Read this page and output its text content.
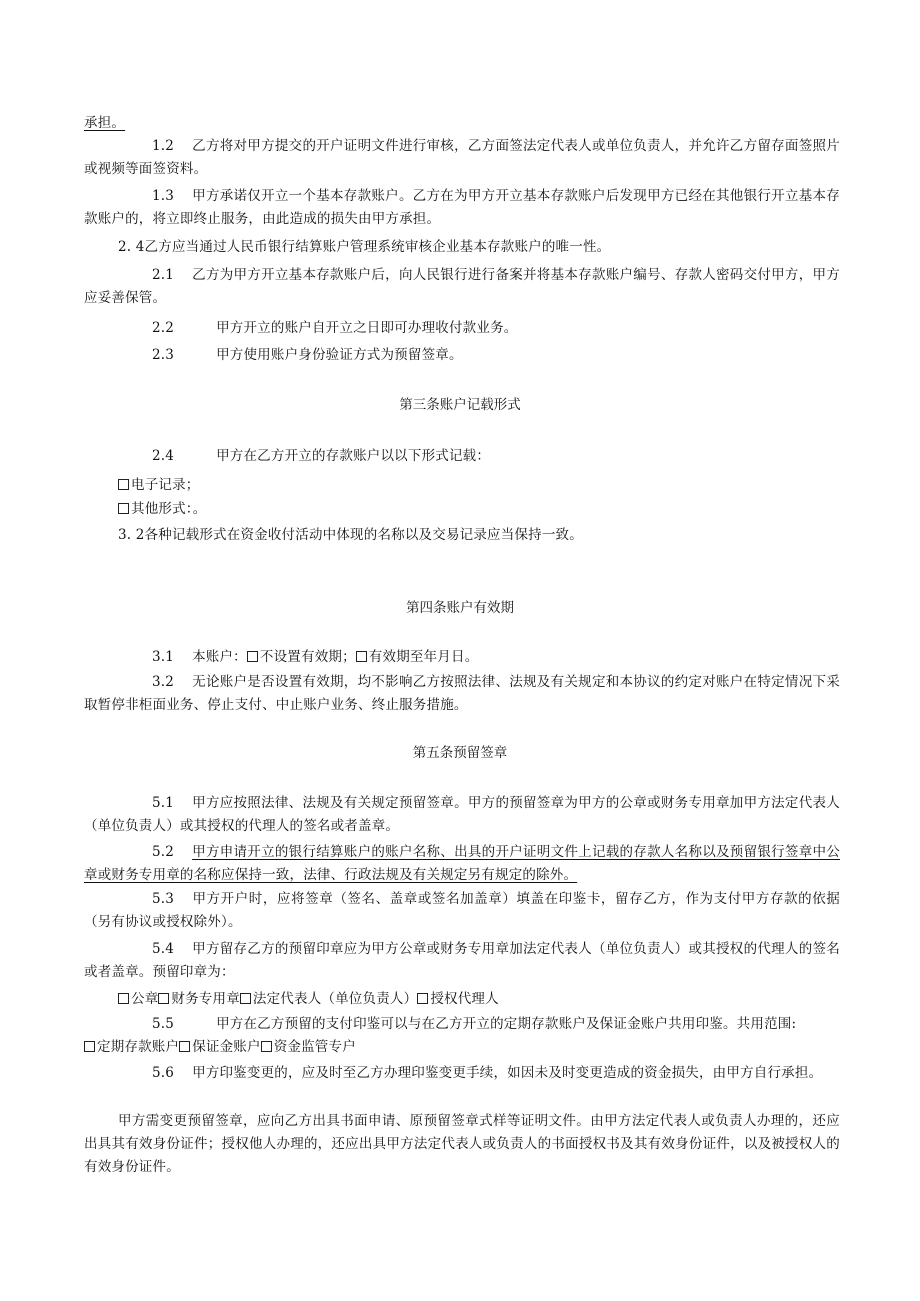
承担。
1.2 乙方将对甲方提交的开户证明文件进行审核，乙方面签法定代表人或单位负责人，并允许乙方留存面签照片或视频等面签资料。
1.3 甲方承诺仅开立一个基本存款账户。乙方在为甲方开立基本存款账户后发现甲方已经在其他银行开立基本存款账户的，将立即终止服务，由此造成的损失由甲方承担。
2. 4乙方应当通过人民币银行结算账户管理系统审核企业基本存款账户的唯一性。
2.1 乙方为甲方开立基本存款账户后，向人民银行进行备案并将基本存款账户编号、存款人密码交付甲方，甲方应妥善保管。
2.2	甲方开立的账户自开立之日即可办理收付款业务。
2.3	甲方使用账户身份验证方式为预留签章。
第三条账户记载形式
2.4	甲方在乙方开立的存款账户以以下形式记载：
电子记录；
其他形式：。
3. 2各种记载形式在资金收付活动中体现的名称以及交易记录应当保持一致。
第四条账户有效期
3.1 本账户： 不设置有效期； 有效期至年月日。
3.2 无论账户是否设置有效期，均不影响乙方按照法律、法规及有关规定和本协议的约定对账户在特定情况下采取暂停非柜面业务、停止支付、中止账户业务、终止服务措施。
第五条预留签章
5.1 甲方应按照法律、法规及有关规定预留签章。甲方的预留签章为甲方的公章或财务专用章加甲方法定代表人（单位负责人）或其授权的代理人的签名或者盖章。
5.2 甲方申请开立的银行结算账户的账户名称、出具的开户证明文件上记载的存款人名称以及预留银行签章中公章或财务专用章的名称应保持一致，法律、行政法规及有关规定另有规定的除外。
5.3 甲方开户时，应将签章（签名、盖章或签名加盖章）填盖在印鉴卡，留存乙方，作为支付甲方存款的依据（另有协议或授权除外）。
5.4 甲方留存乙方的预留印章应为甲方公章或财务专用章加法定代表人（单位负责人）或其授权的代理人的签名或者盖章。预留印章为：
公章 财务专用章 法定代表人（单位负责人） 授权代理人
5.5	甲方在乙方预留的支付印鉴可以与在乙方开立的定期存款账户及保证金账户共用印鉴。共用范围:
定期存款账户 保证金账户 资金监管专户
5.6 甲方印鉴变更的，应及时至乙方办理印鉴变更手续，如因未及时变更造成的资金损失，由甲方自行承担。
甲方需变更预留签章，应向乙方出具书面申请、原预留签章式样等证明文件。由甲方法定代表人或负责人办理的，还应出具其有效身份证件；授权他人办理的，还应出具甲方法定代表人或负责人的书面授权书及其有效身份证件，以及被授权人的有效身份证件。
